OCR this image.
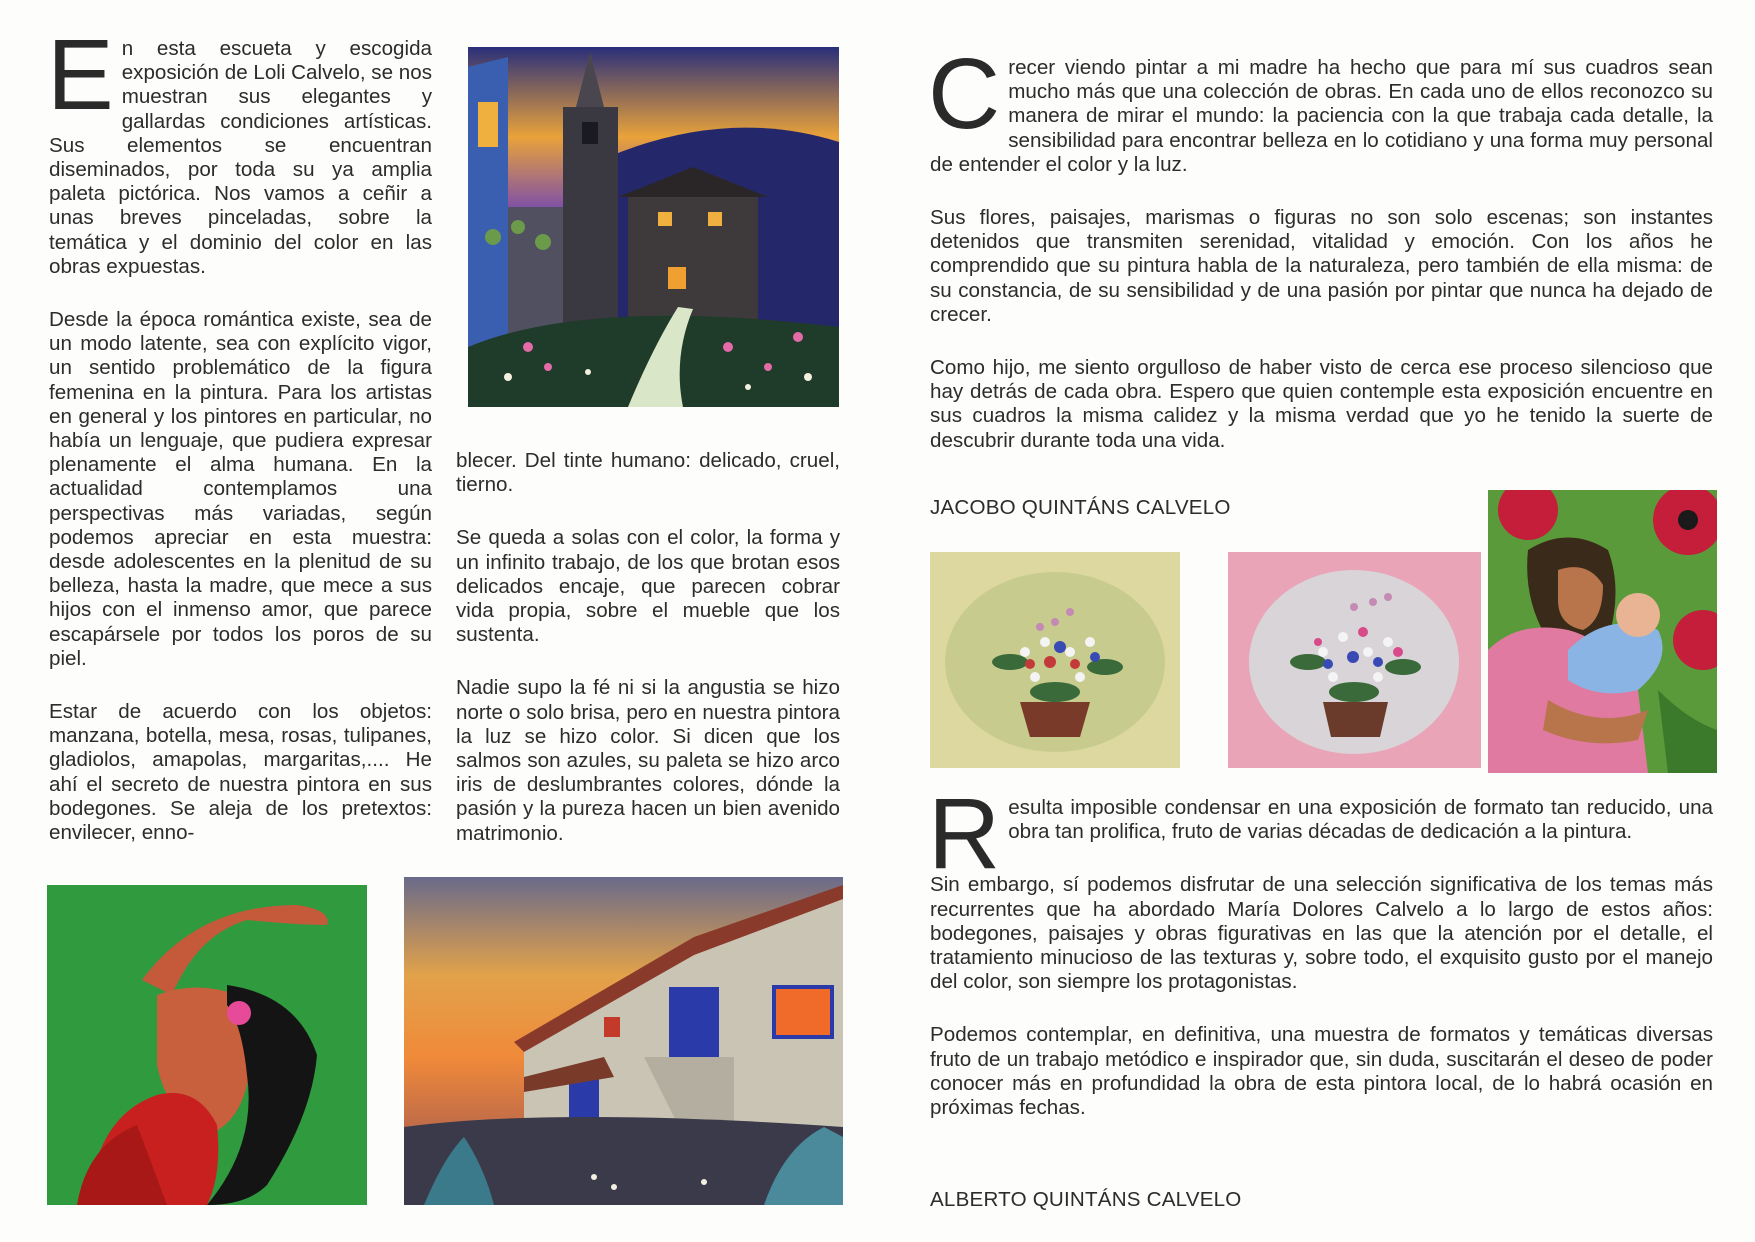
En esta escueta y escogida exposición de Loli Calvelo, se nos muestran sus elegantes y gallardas condiciones artísticas. Sus elementos se encuentran diseminados, por toda su ya amplia paleta pictórica. Nos vamos a ceñir a unas breves pinceladas, sobre la temática y el dominio del color en las obras expuestas.

Desde la época romántica existe, sea de un modo latente, sea con explícito vigor, un sentido problemático de la figura femenina en la pintura. Para los artistas en general y los pintores en particular, no había un lenguaje, que pudiera expresar plenamente el alma humana. En la actualidad contemplamos una perspectivas más variadas, según podemos apreciar en esta muestra: desde adolescentes en la plenitud de su belleza, hasta la madre, que mece a sus hijos con el inmenso amor, que parece escapársele por todos los poros de su piel.

Estar de acuerdo con los objetos: manzana, botella, mesa, rosas, tulipanes, gladiolos, amapolas, margaritas,.... He ahí el secreto de nuestra pintora en sus bodegones. Se aleja de los pretextos: envilecer, enno-

blecer. Del tinte humano: delicado, cruel, tierno.

Se queda a solas con el color, la forma y un infinito trabajo, de los que brotan esos delicados encaje, que parecen cobrar vida propia, sobre el mueble que los sustenta.

Nadie supo la fé ni si la angustia se hizo norte o solo brisa, pero en nuestra pintora la luz se hizo color. Si dicen que los salmos son azules, su paleta se hizo arco iris de deslumbrantes colores, dónde la pasión y la pureza hacen un bien avenido matrimonio.

Crecer viendo pintar a mi madre ha hecho que para mí sus cuadros sean mucho más que una colección de obras. En cada uno de ellos reconozco su manera de mirar el mundo: la paciencia con la que trabaja cada detalle, la sensibilidad para encontrar belleza en lo cotidiano y una forma muy personal de entender el color y la luz.

Sus flores, paisajes, marismas o figuras no son solo escenas; son instantes detenidos que transmiten serenidad, vitalidad y emoción. Con los años he comprendido que su pintura habla de la naturaleza, pero también de ella misma: de su constancia, de su sensibilidad y de una pasión por pintar que nunca ha dejado de crecer.

Como hijo, me siento orgulloso de haber visto de cerca ese proceso silencioso que hay detrás de cada obra. Espero que quien contemple esta exposición encuentre en sus cuadros la misma calidez y la misma verdad que yo he tenido la suerte de descubrir durante toda una vida.

JACOBO QUINTÁNS CALVELO

Resulta imposible condensar en una exposición de formato tan reducido, una obra tan prolifica, fruto de varias décadas de dedicación a la pintura.

Sin embargo, sí podemos disfrutar de una selección significativa de los temas más recurrentes que ha abordado María Dolores Calvelo a lo largo de estos años: bodegones, paisajes y obras figurativas en las que la atención por el detalle, el tratamiento minucioso de las texturas y, sobre todo, el exquisito gusto por el manejo del color, son siempre los protagonistas.

Podemos contemplar, en definitiva, una muestra de formatos y temáticas diversas fruto de un trabajo metódico e inspirador que, sin duda, suscitarán el deseo de poder conocer más en profundidad la obra de esta pintora local, de lo habrá ocasión en próximas fechas.

ALBERTO QUINTÁNS CALVELO
